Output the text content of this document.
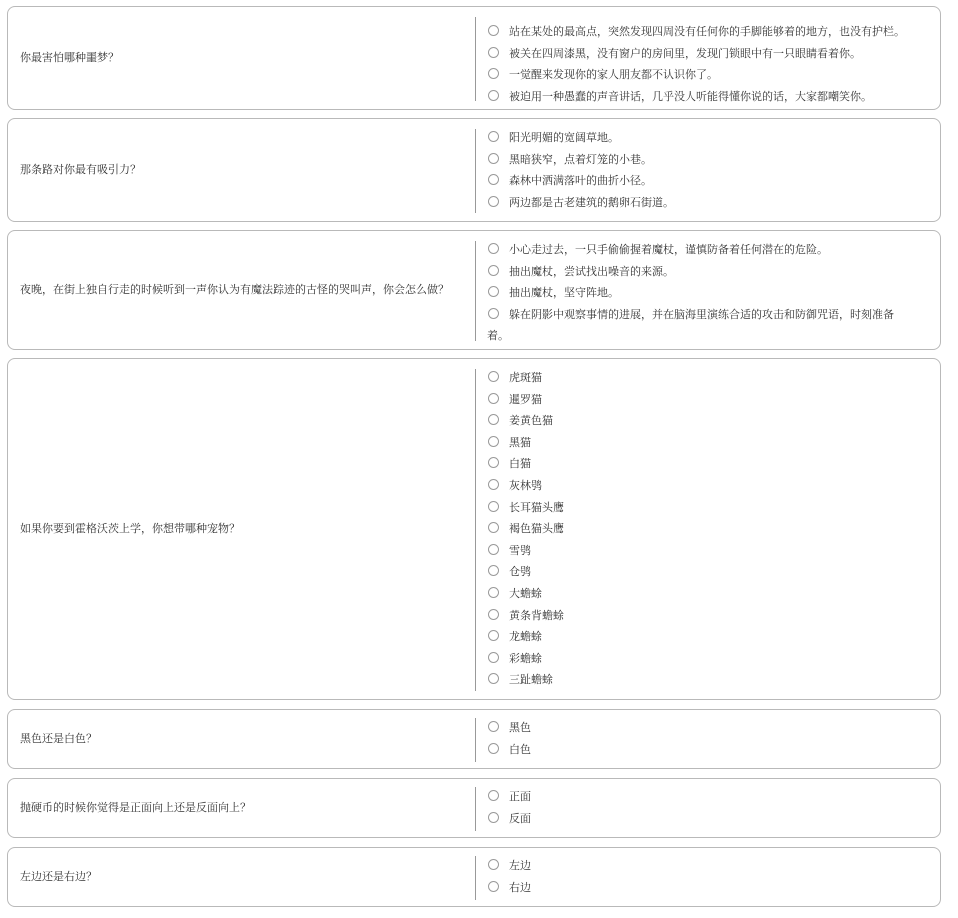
你最害怕哪种噩梦？
站在某处的最高点，突然发现四周没有任何你的手脚能够着的地方，也没有护栏。
被关在四周漆黑，没有窗户的房间里，发现门锁眼中有一只眼睛看着你。
一觉醒来发现你的家人朋友都不认识你了。
被迫用一种愚蠢的声音讲话，几乎没人听能得懂你说的话，大家都嘲笑你。
那条路对你最有吸引力？
阳光明媚的宽阔草地。
黑暗狭窄，点着灯笼的小巷。
森林中洒满落叶的曲折小径。
两边都是古老建筑的鹅卵石街道。
夜晚，在街上独自行走的时候听到一声你认为有魔法踪迹的古怪的哭叫声，你会怎么做？
小心走过去，一只手偷偷握着魔杖，谨慎防备着任何潜在的危险。
抽出魔杖，尝试找出噪音的来源。
抽出魔杖，坚守阵地。
躲在阴影中观察事情的进展，并在脑海里演练合适的攻击和防御咒语，时刻准备着。
如果你要到霍格沃茨上学，你想带哪种宠物？
虎斑猫
暹罗猫
姜黄色猫
黑猫
白猫
灰林鸮
长耳猫头鹰
褐色猫头鹰
雪鸮
仓鸮
大蟾蜍
黄条背蟾蜍
龙蟾蜍
彩蟾蜍
三趾蟾蜍
黑色还是白色？
黑色
白色
抛硬币的时候你觉得是正面向上还是反面向上？
正面
反面
左边还是右边？
左边
右边
